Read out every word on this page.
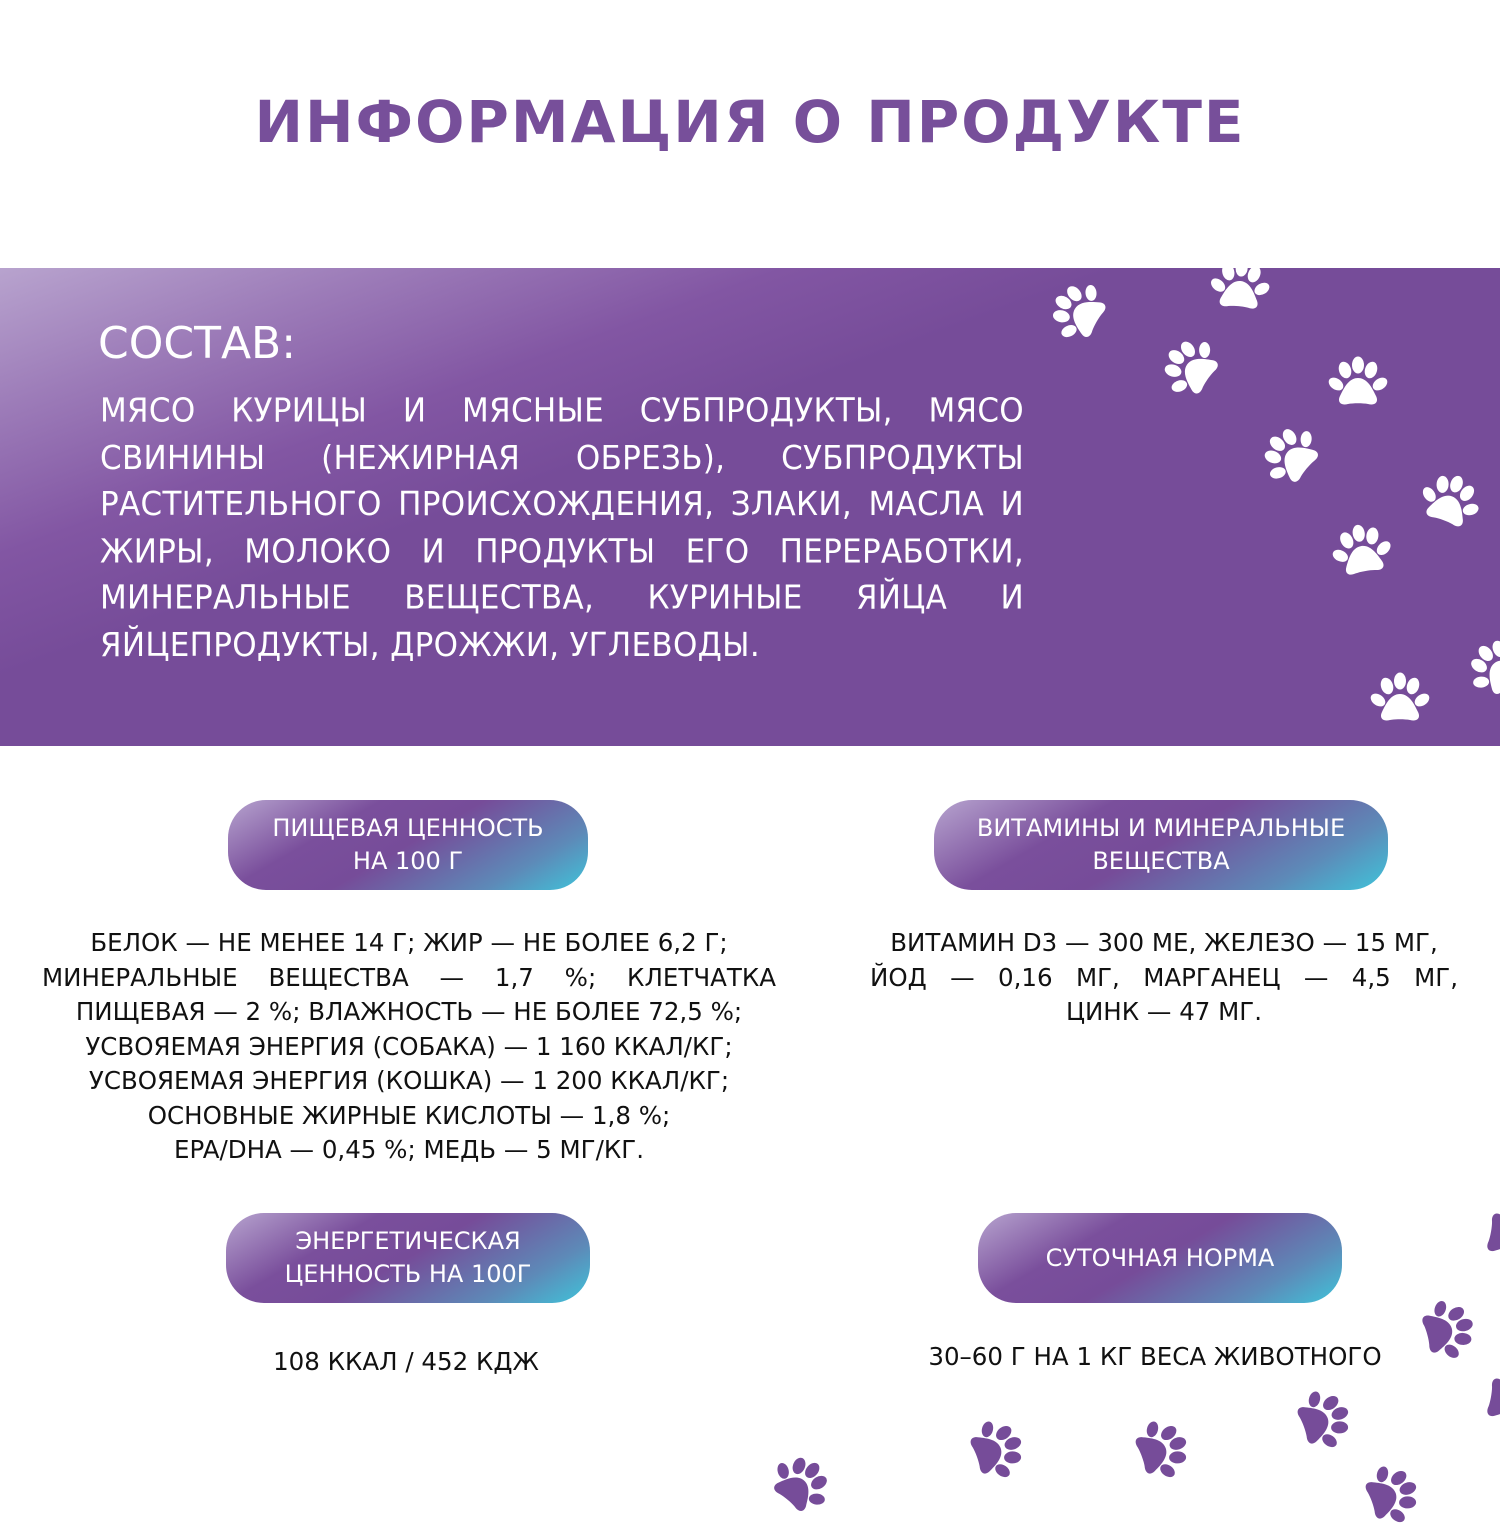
ИНФОРМАЦИЯ О ПРОДУКТЕ
СОСТАВ:
МЯСО КУРИЦЫ И МЯСНЫЕ СУБПРОДУКТЫ, МЯСО СВИНИНЫ (НЕЖИРНАЯ ОБРЕЗЬ), СУБПРОДУКТЫ РАСТИТЕЛЬНОГО ПРОИСХОЖДЕНИЯ, ЗЛАКИ, МАСЛА И ЖИРЫ, МОЛОКО И ПРОДУКТЫ ЕГО ПЕРЕРАБОТКИ, МИНЕРАЛЬНЫЕ ВЕЩЕСТВА, КУРИНЫЕ ЯЙЦА И ЯЙЦЕПРОДУКТЫ, ДРОЖЖИ, УГЛЕВОДЫ.
ПИЩЕВАЯ ЦЕННОСТЬ
НА 100 Г
ВИТАМИНЫ И МИНЕРАЛЬНЫЕ
ВЕЩЕСТВА
БЕЛОК — НЕ МЕНЕЕ 14 Г; ЖИР — НЕ БОЛЕЕ 6,2 Г;
МИНЕРАЛЬНЫЕ ВЕЩЕСТВА — 1,7 %; КЛЕТЧАТКА
ПИЩЕВАЯ — 2 %; ВЛАЖНОСТЬ — НЕ БОЛЕЕ 72,5 %;
УСВОЯЕМАЯ ЭНЕРГИЯ (СОБАКА) — 1 160 ККАЛ/КГ;
УСВОЯЕМАЯ ЭНЕРГИЯ (КОШКА) — 1 200 ККАЛ/КГ;
ОСНОВНЫЕ ЖИРНЫЕ КИСЛОТЫ — 1,8 %;
EPA/DHA — 0,45 %; МЕДЬ — 5 МГ/КГ.
ВИТАМИН D3 — 300 МЕ, ЖЕЛЕЗО — 15 МГ,
ЙОД — 0,16 МГ, МАРГАНЕЦ — 4,5 МГ,
ЦИНК — 47 МГ.
ЭНЕРГЕТИЧЕСКАЯ
ЦЕННОСТЬ НА 100Г
СУТОЧНАЯ НОРМА
108 ККАЛ / 452 КДЖ	30–60 Г НА 1 КГ ВЕСА ЖИВОТНОГО
